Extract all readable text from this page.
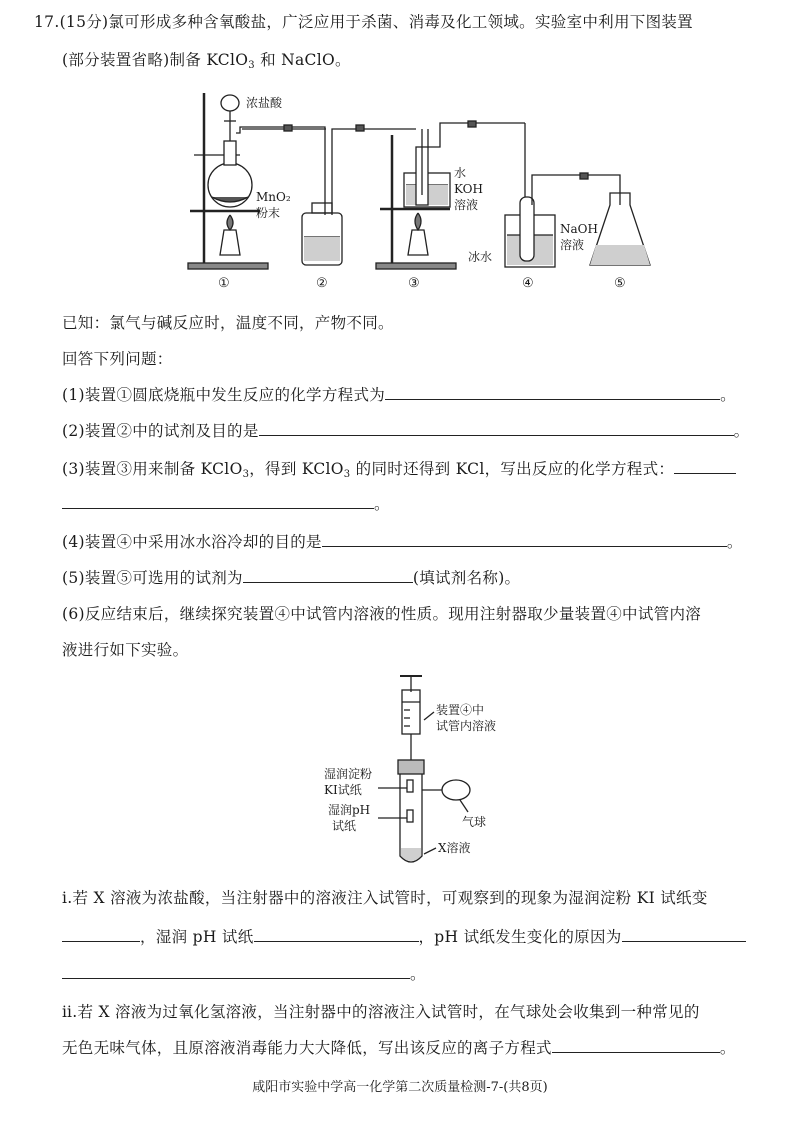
17.(15分)氯可形成多种含氧酸盐，广泛应用于杀菌、消毒及化工领域。实验室中利用下图装置
(部分装置省略)制备 KClO$_3$ 和 NaClO。
浓盐酸
MnO₂
粉末
水
KOH
溶液
NaOH
溶液
冰水
①	②	③	④	⑤
已知：氯气与碱反应时，温度不同，产物不同。
回答下列问题：
(1)装置①圆底烧瓶中发生反应的化学方程式为	。
(2)装置②中的试剂及目的是	。
(3)装置③用来制备 KClO$_3$，得到 KClO$_3$ 的同时还得到 KCl，写出反应的化学方程式：
。
(4)装置④中采用冰水浴冷却的目的是	。
(5)装置⑤可选用的试剂为	(填试剂名称)。
(6)反应结束后，继续探究装置④中试管内溶液的性质。现用注射器取少量装置④中试管内溶
液进行如下实验。
装置④中
试管内溶液
湿润淀粉
KI试纸
湿润pH
试纸	气球
X溶液
ⅰ.若 X 溶液为浓盐酸，当注射器中的溶液注入试管时，可观察到的现象为湿润淀粉 KI 试纸变
，湿润 pH 试纸	，pH 试纸发生变化的原因为
。
ⅱ.若 X 溶液为过氧化氢溶液，当注射器中的溶液注入试管时，在气球处会收集到一种常见的
无色无味气体，且原溶液消毒能力大大降低，写出该反应的离子方程式	。
咸阳市实验中学高一化学第二次质量检测-7-(共8页)
